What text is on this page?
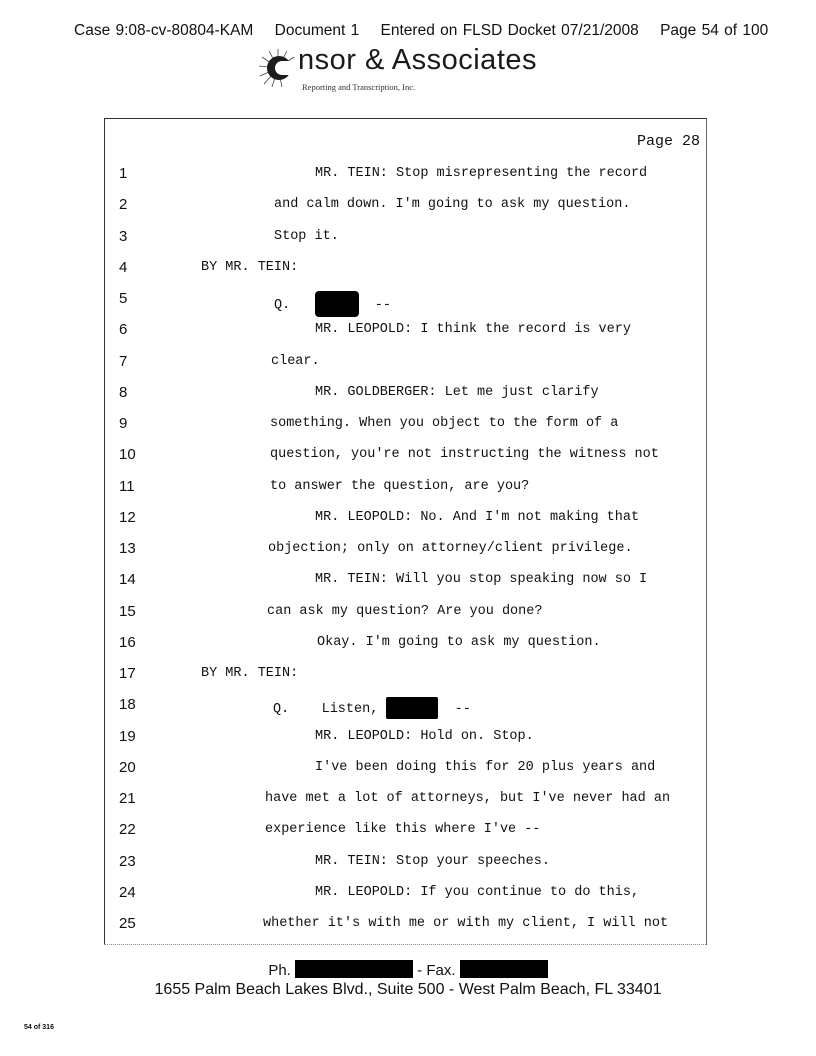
Case 9:08-cv-80804-KAM Document 1 Entered on FLSD Docket 07/21/2008 Page 54 of 100
nsor & Associates
Reporting and Transcription, Inc.
Page 28
1	MR. TEIN: Stop misrepresenting the record
2	and calm down. I'm going to ask my question.
3	Stop it.
4	BY MR. TEIN:
5	Q.	--
6	MR. LEOPOLD: I think the record is very
7	clear.
8	MR. GOLDBERGER: Let me just clarify
9	something. When you object to the form of a
10	question, you're not instructing the witness not
11	to answer the question, are you?
12	MR. LEOPOLD: No. And I'm not making that
13	objection; only on attorney/client privilege.
14	MR. TEIN: Will you stop speaking now so I
15	can ask my question? Are you done?
16	Okay. I'm going to ask my question.
17	BY MR. TEIN:
18	Q.    Listen,	--
19	MR. LEOPOLD: Hold on. Stop.
20	I've been doing this for 20 plus years and
21	have met a lot of attorneys, but I've never had an
22	experience like this where I've --
23	MR. TEIN: Stop your speeches.
24	MR. LEOPOLD: If you continue to do this,
25	whether it's with me or with my client, I will not
Ph.	- Fax.
1655 Palm Beach Lakes Blvd., Suite 500 - West Palm Beach, FL 33401
54 of 316
